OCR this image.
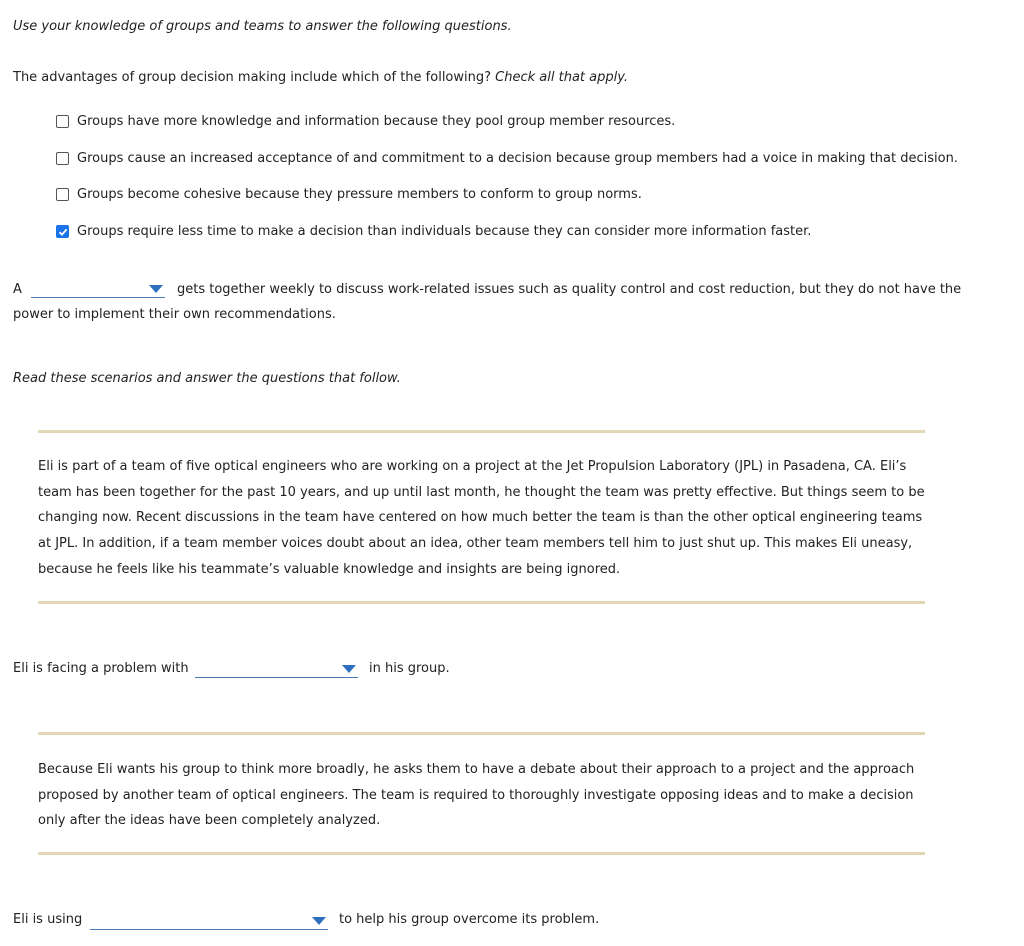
Use your knowledge of groups and teams to answer the following questions.
The advantages of group decision making include which of the following? Check all that apply.
Groups have more knowledge and information because they pool group member resources.
Groups cause an increased acceptance of and commitment to a decision because group members had a voice in making that decision.
Groups become cohesive because they pressure members to conform to group norms.
Groups require less time to make a decision than individuals because they can consider more information faster.
A	gets together weekly to discuss work-related issues such as quality control and cost reduction, but they do not have the
power to implement their own recommendations.
Read these scenarios and answer the questions that follow.
Eli is part of a team of five optical engineers who are working on a project at the Jet Propulsion Laboratory (JPL) in Pasadena, CA. Eli’s
team has been together for the past 10 years, and up until last month, he thought the team was pretty effective. But things seem to be
changing now. Recent discussions in the team have centered on how much better the team is than the other optical engineering teams
at JPL. In addition, if a team member voices doubt about an idea, other team members tell him to just shut up. This makes Eli uneasy,
because he feels like his teammate’s valuable knowledge and insights are being ignored.
Eli is facing a problem with	in his group.
Because Eli wants his group to think more broadly, he asks them to have a debate about their approach to a project and the approach
proposed by another team of optical engineers. The team is required to thoroughly investigate opposing ideas and to make a decision
only after the ideas have been completely analyzed.
Eli is using	to help his group overcome its problem.
